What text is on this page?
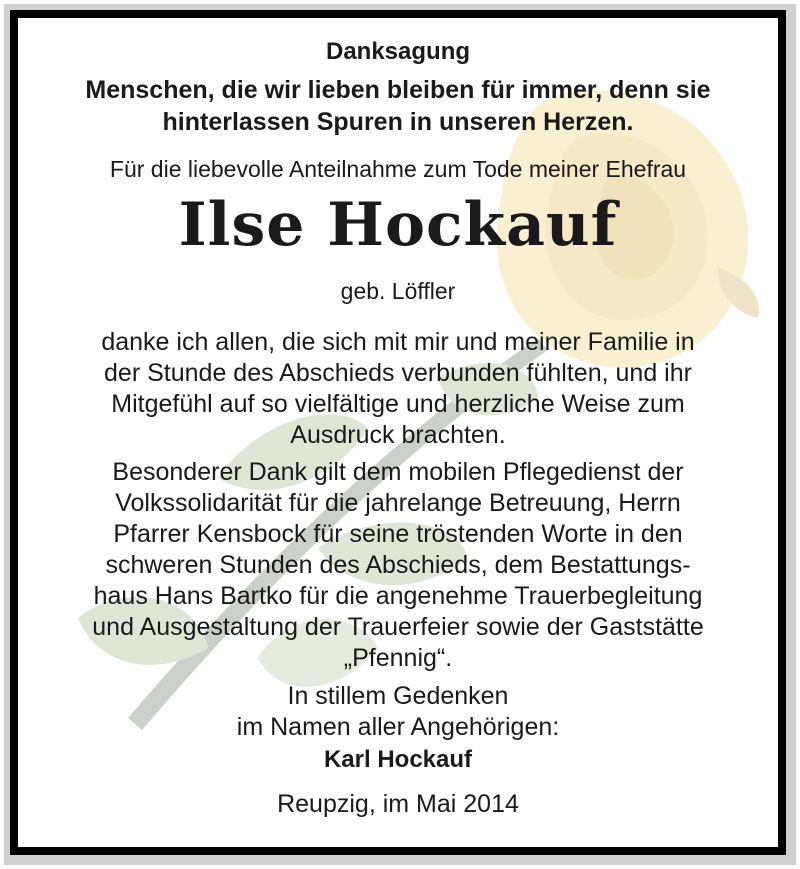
Danksagung
Menschen, die wir lieben bleiben für immer, denn sie
hinterlassen Spuren in unseren Herzen.
Für die liebevolle Anteilnahme zum Tode meiner Ehefrau
Ilse Hockauf
geb. Löffler
danke ich allen, die sich mit mir und meiner Familie in
der Stunde des Abschieds verbunden fühlten, und ihr
Mitgefühl auf so vielfältige und herzliche Weise zum
Ausdruck brachten.
Besonderer Dank gilt dem mobilen Pflegedienst der
Volkssolidarität für die jahrelange Betreuung, Herrn
Pfarrer Kensbock für seine tröstenden Worte in den
schweren Stunden des Abschieds, dem Bestattungs-
haus Hans Bartko für die angenehme Trauerbegleitung
und Ausgestaltung der Trauerfeier sowie der Gaststätte
„Pfennig“.
In stillem Gedenken
im Namen aller Angehörigen:
Karl Hockauf
Reupzig, im Mai 2014
